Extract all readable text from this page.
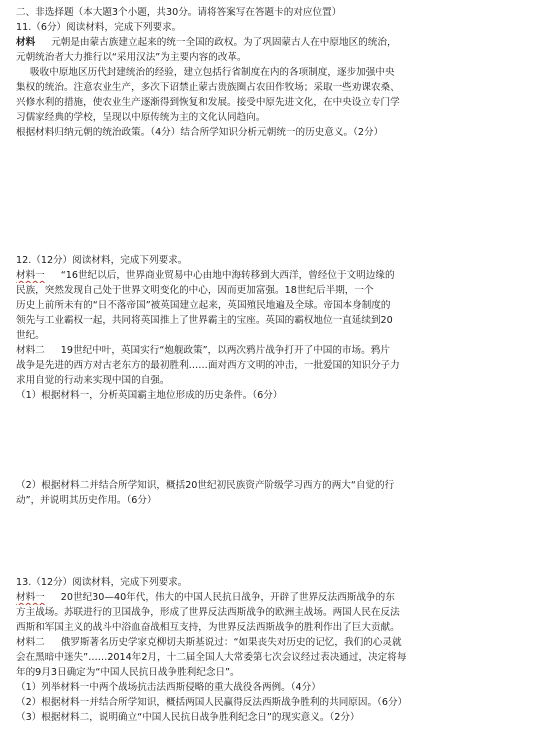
二、非选择题（本大题3个小题，共30分。请将答案写在答题卡的对应位置）
11.（6分）阅读材料，完成下列要求。
材料 元朝是由蒙古族建立起来的统一全国的政权。为了巩固蒙古人在中原地区的统治，
元朝统治者大力推行以“采用汉法”为主要内容的改革。
吸收中原地区历代封建统治的经验，建立包括行省制度在内的各项制度，逐步加强中央
集权的统治。注意农业生产，多次下诏禁止蒙古贵族圈占农田作牧场；采取一些劝课农桑、
兴修水利的措施，使农业生产逐渐得到恢复和发展。接受中原先进文化，在中央设立专门学
习儒家经典的学校，呈现以中原传统为主的文化认同趋向。
根据材料归纳元朝的统治政策。（4分）结合所学知识分析元朝统一的历史意义。（2分）
12.（12分）阅读材料，完成下列要求。
材料一 “16世纪以后，世界商业贸易中心由地中海转移到大西洋，曾经位于文明边缘的
民族，突然发现自己处于世界文明变化的中心，因而更加富强。18世纪后半期，一个
历史上前所未有的“日不落帝国”被英国建立起来，英国殖民地遍及全球。帝国本身制度的
领先与工业霸权一起，共同将英国推上了世界霸主的宝座。英国的霸权地位一直延续到20
世纪。
材料二 19世纪中叶，英国实行“炮舰政策”，以两次鸦片战争打开了中国的市场。鸦片
战争是先进的西方对古老东方的最初胜利……面对西方文明的冲击，一批爱国的知识分子力
求用自觉的行动来实现中国的自强。
（1）根据材料一，分析英国霸主地位形成的历史条件。（6分）
（2）根据材料二并结合所学知识，概括20世纪初民族资产阶级学习西方的两大“自觉的行
动”，并说明其历史作用。（6分）
13.（12分）阅读材料，完成下列要求。
材料一 20世纪30—40年代，伟大的中国人民抗日战争，开辟了世界反法西斯战争的东
方主战场。苏联进行的卫国战争，形成了世界反法西斯战争的欧洲主战场。两国人民在反法
西斯和军国主义的战斗中浴血奋战相互支持，为世界反法西斯战争的胜利作出了巨大贡献。
材料二 俄罗斯著名历史学家克柳切夫斯基说过：“如果丧失对历史的记忆，我们的心灵就
会在黑暗中迷失”……2014年2月，十二届全国人大常委第七次会议经过表决通过，决定将每
年的9月3日确定为“中国人民抗日战争胜利纪念日”。
（1）列举材料一中两个战场抗击法西斯侵略的重大战役各两例。（4分）
（2）根据材料一并结合所学知识，概括两国人民赢得反法西斯战争胜利的共同原因。（6分）
（3）根据材料二，说明确立“中国人民抗日战争胜利纪念日”的现实意义。（2分）
